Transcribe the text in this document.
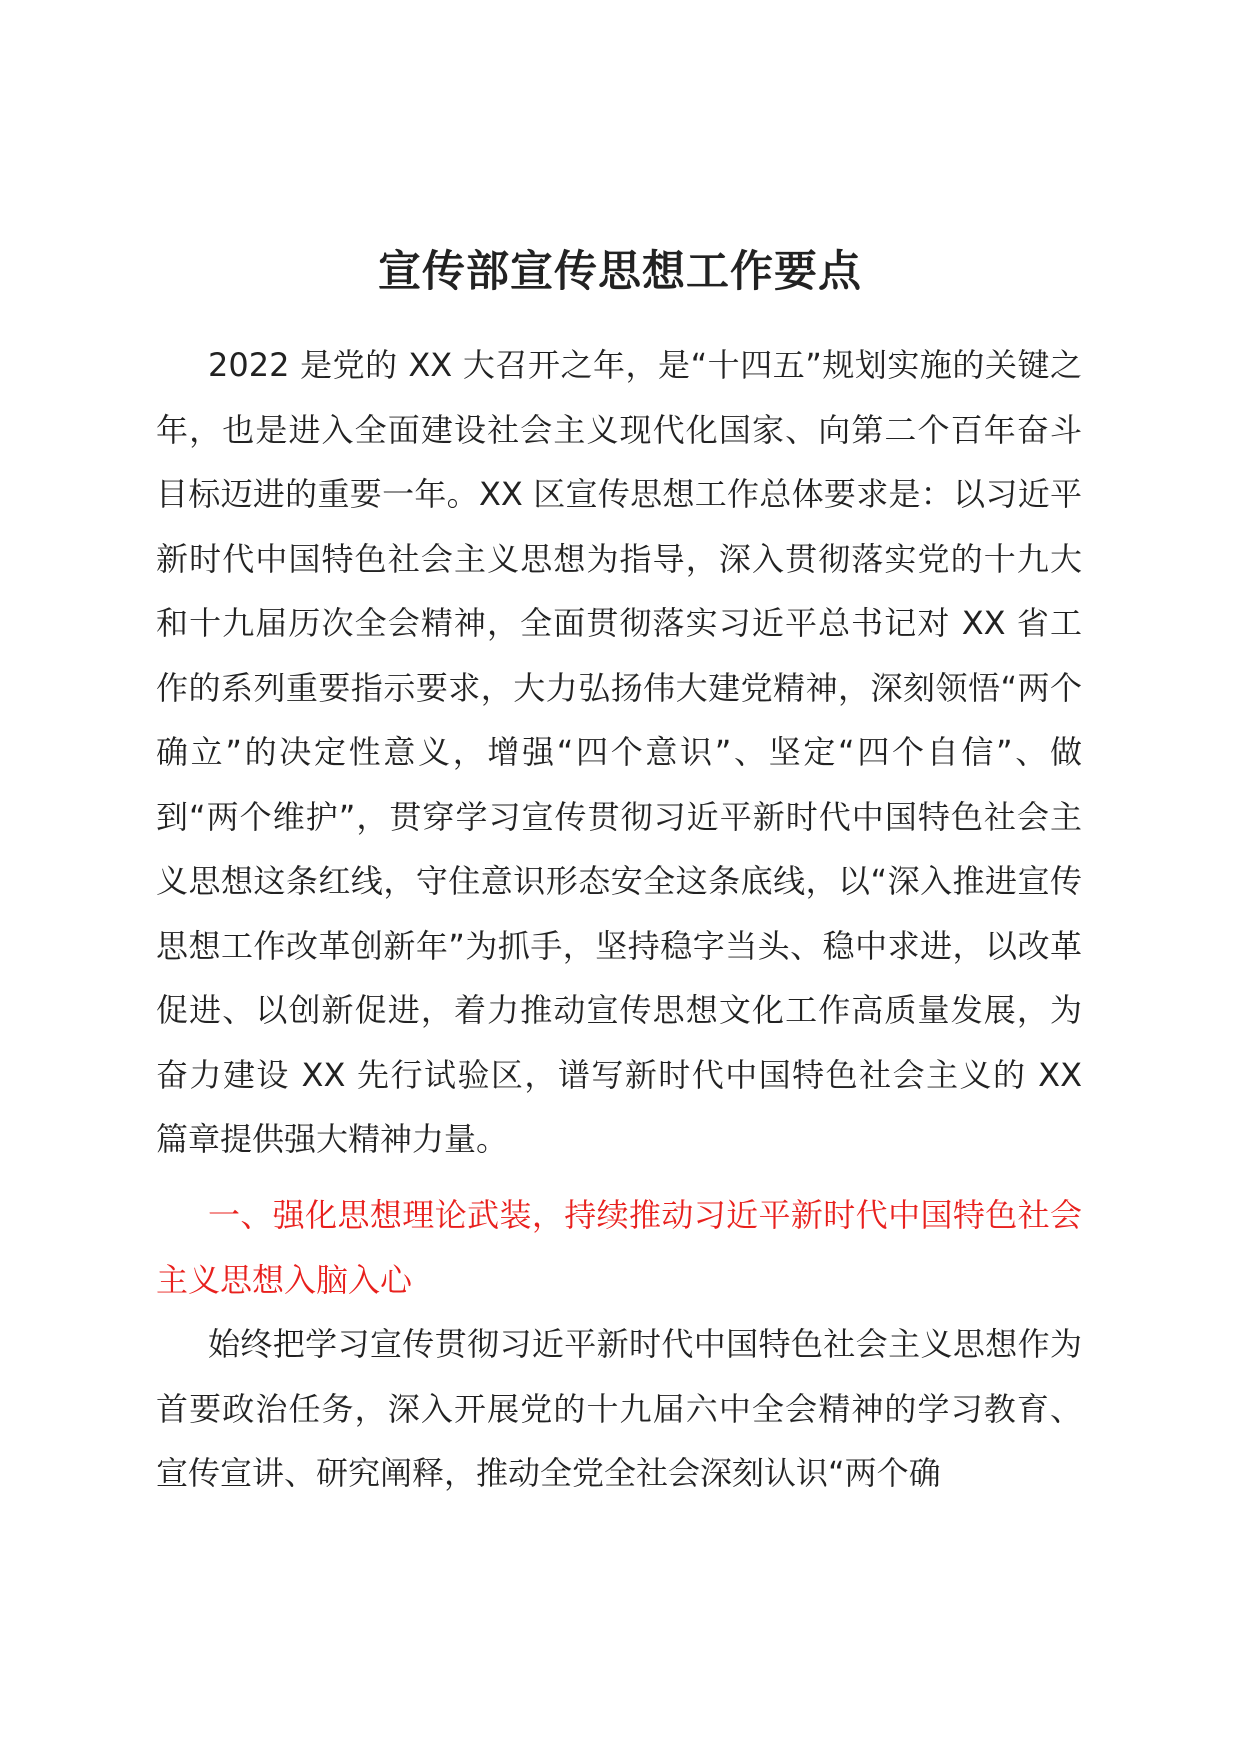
宣传部宣传思想工作要点
2022 是党的 XX 大召开之年，是“十四五”规划实施的关键之年，也是进入全面建设社会主义现代化国家、向第二个百年奋斗目标迈进的重要一年。XX 区宣传思想工作总体要求是：以习近平新时代中国特色社会主义思想为指导，深入贯彻落实党的十九大和十九届历次全会精神，全面贯彻落实习近平总书记对 XX 省工作的系列重要指示要求，大力弘扬伟大建党精神，深刻领悟“两个确立”的决定性意义，增强“四个意识”、坚定“四个自信”、做到“两个维护”，贯穿学习宣传贯彻习近平新时代中国特色社会主义思想这条红线，守住意识形态安全这条底线，以“深入推进宣传思想工作改革创新年”为抓手，坚持稳字当头、稳中求进，以改革促进、以创新促进，着力推动宣传思想文化工作高质量发展，为奋力建设 XX 先行试验区，谱写新时代中国特色社会主义的 XX 篇章提供强大精神力量。
一、强化思想理论武装，持续推动习近平新时代中国特色社会主义思想入脑入心
始终把学习宣传贯彻习近平新时代中国特色社会主义思想作为首要政治任务，深入开展党的十九届六中全会精神的学习教育、宣传宣讲、研究阐释，推动全党全社会深刻认识“两个确
